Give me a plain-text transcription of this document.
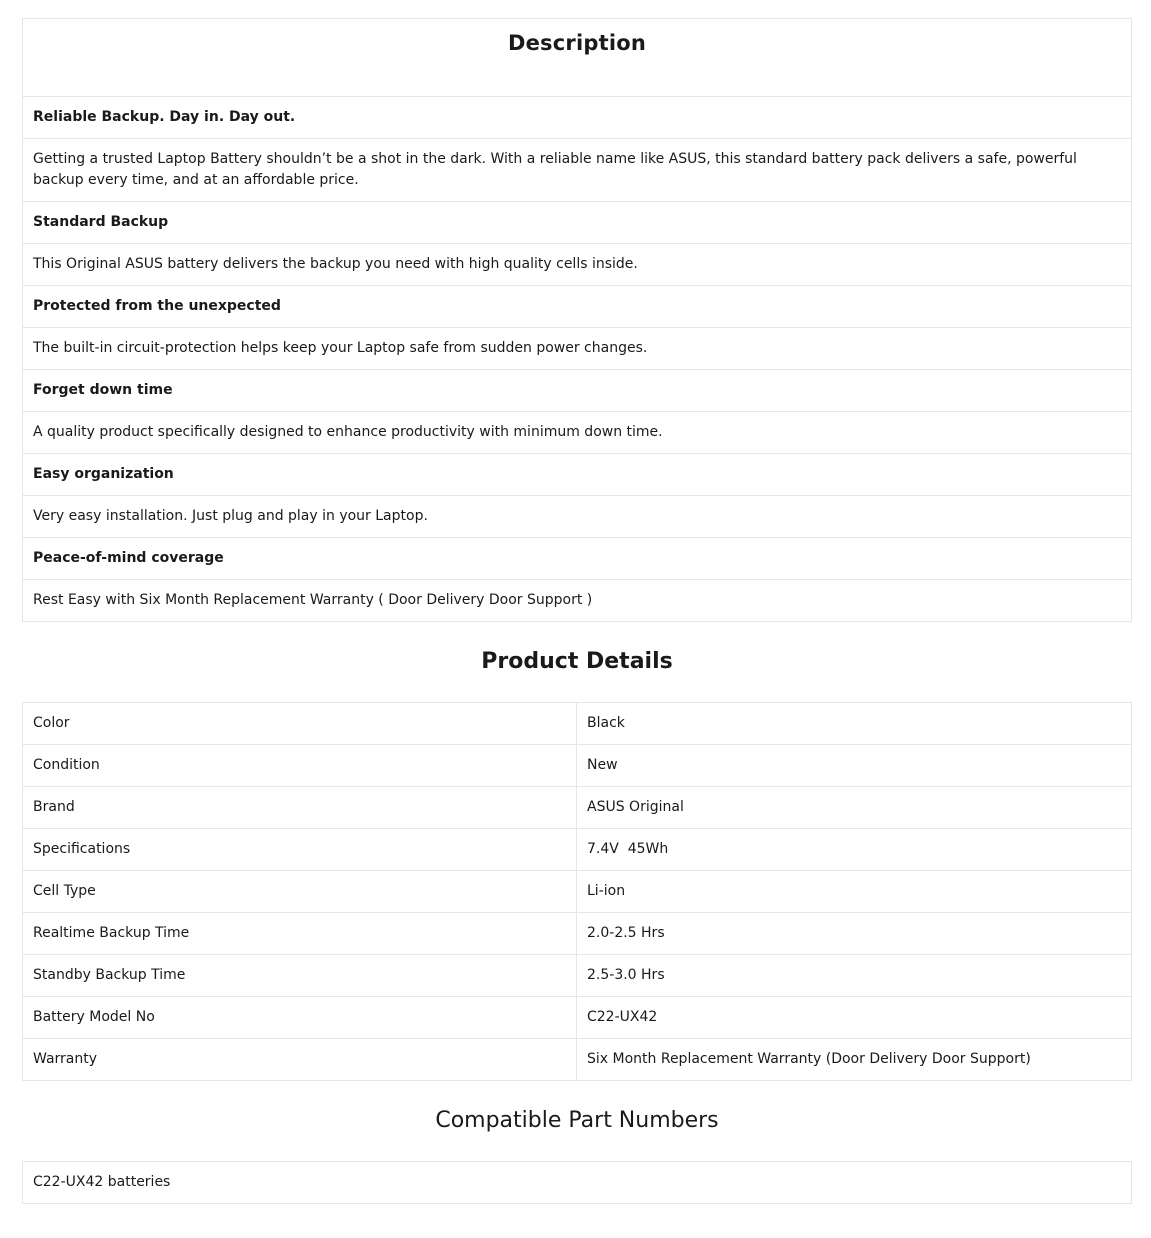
Description

Reliable Backup. Day in. Day out.
Getting a trusted Laptop Battery shouldn’t be a shot in the dark. With a reliable name like ASUS, this standard battery pack delivers a safe, powerful backup every time, and at an affordable price.
Standard Backup
This Original ASUS battery delivers the backup you need with high quality cells inside.
Protected from the unexpected
The built-in circuit-protection helps keep your Laptop safe from sudden power changes.
Forget down time
A quality product specifically designed to enhance productivity with minimum down time.
Easy organization
Very easy installation. Just plug and play in your Laptop.
Peace-of-mind coverage
Rest Easy with Six Month Replacement Warranty ( Door Delivery Door Support )
Product Details
Color	Black
Condition	New
Brand	ASUS Original
Specifications	7.4V  45Wh
Cell Type	Li-ion
Realtime Backup Time	2.0-2.5 Hrs
Standby Backup Time	2.5-3.0 Hrs
Battery Model No	C22-UX42
Warranty	Six Month Replacement Warranty (Door Delivery Door Support)
Compatible Part Numbers
C22-UX42 batteries
